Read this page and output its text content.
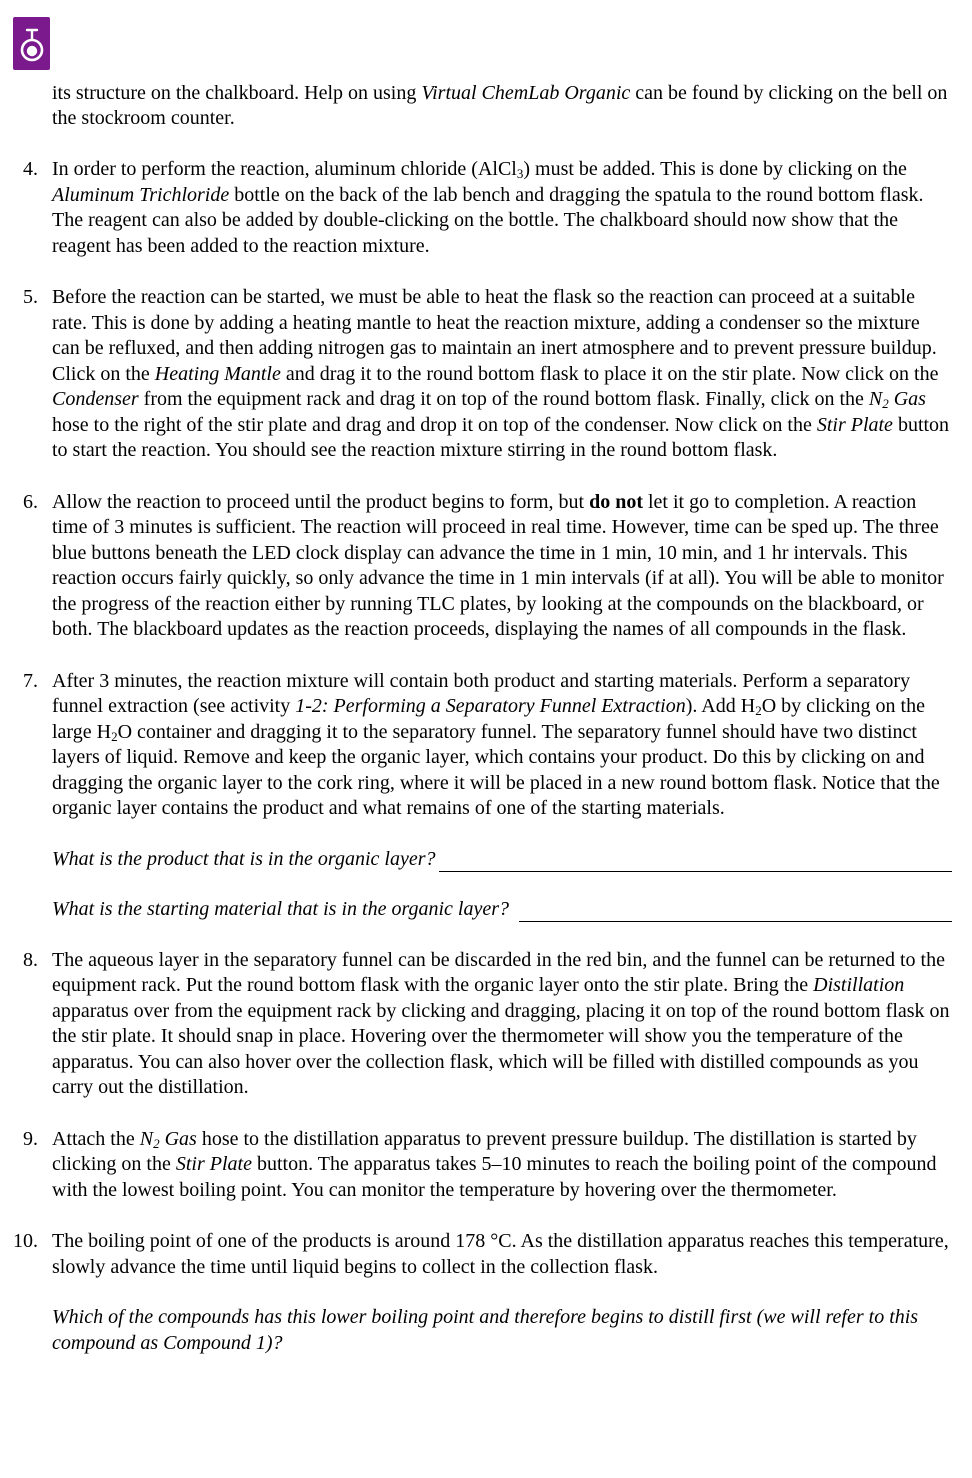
its structure on the chalkboard. Help on using Virtual ChemLab Organic can be found by clicking on the bell on the stockroom counter.

4. In order to perform the reaction, aluminum chloride (AlCl$_3$) must be added. This is done by clicking on the Aluminum Trichloride bottle on the back of the lab bench and dragging the spatula to the round bottom flask. The reagent can also be added by double-clicking on the bottle. The chalkboard should now show that the reagent has been added to the reaction mixture.
5. Before the reaction can be started, we must be able to heat the flask so the reaction can proceed at a suitable rate. This is done by adding a heating mantle to heat the reaction mixture, adding a condenser so the mixture can be refluxed, and then adding nitrogen gas to maintain an inert atmosphere and to prevent pressure buildup. Click on the Heating Mantle and drag it to the round bottom flask to place it on the stir plate. Now click on the Condenser from the equipment rack and drag it on top of the round bottom flask. Finally, click on the $N_2$ Gas hose to the right of the stir plate and drag and drop it on top of the condenser. Now click on the Stir Plate button to start the reaction. You should see the reaction mixture stirring in the round bottom flask.
6. Allow the reaction to proceed until the product begins to form, but do not let it go to completion. A reaction time of 3 minutes is sufficient. The reaction will proceed in real time. However, time can be sped up. The three blue buttons beneath the LED clock display can advance the time in 1 min, 10 min, and 1 hr intervals. This reaction occurs fairly quickly, so only advance the time in 1 min intervals (if at all). You will be able to monitor the progress of the reaction either by running TLC plates, by looking at the compounds on the blackboard, or both. The blackboard updates as the reaction proceeds, displaying the names of all compounds in the flask.
7. After 3 minutes, the reaction mixture will contain both product and starting materials. Perform a separatory funnel extraction (see activity 1-2: Performing a Separatory Funnel Extraction). Add $H_2O$ by clicking on the large $H_2O$ container and dragging it to the separatory funnel. The separatory funnel should have two distinct layers of liquid. Remove and keep the organic layer, which contains your product. Do this by clicking on and dragging the organic layer to the cork ring, where it will be placed in a new round bottom flask. Notice that the organic layer contains the product and what remains of one of the starting materials.
What is the product that is in the organic layer?
What is the starting material that is in the organic layer?
8. The aqueous layer in the separatory funnel can be discarded in the red bin, and the funnel can be returned to the equipment rack. Put the round bottom flask with the organic layer onto the stir plate. Bring the Distillation apparatus over from the equipment rack by clicking and dragging, placing it on top of the round bottom flask on the stir plate. It should snap in place. Hovering over the thermometer will show you the temperature of the apparatus. You can also hover over the collection flask, which will be filled with distilled compounds as you carry out the distillation.
9. Attach the $N_2$ Gas hose to the distillation apparatus to prevent pressure buildup. The distillation is started by clicking on the Stir Plate button. The apparatus takes 5–10 minutes to reach the boiling point of the compound with the lowest boiling point. You can monitor the temperature by hovering over the thermometer.
10. The boiling point of one of the products is around 178 °C. As the distillation apparatus reaches this temperature, slowly advance the time until liquid begins to collect in the collection flask.
Which of the compounds has this lower boiling point and therefore begins to distill first (we will refer to this compound as Compound 1)?
